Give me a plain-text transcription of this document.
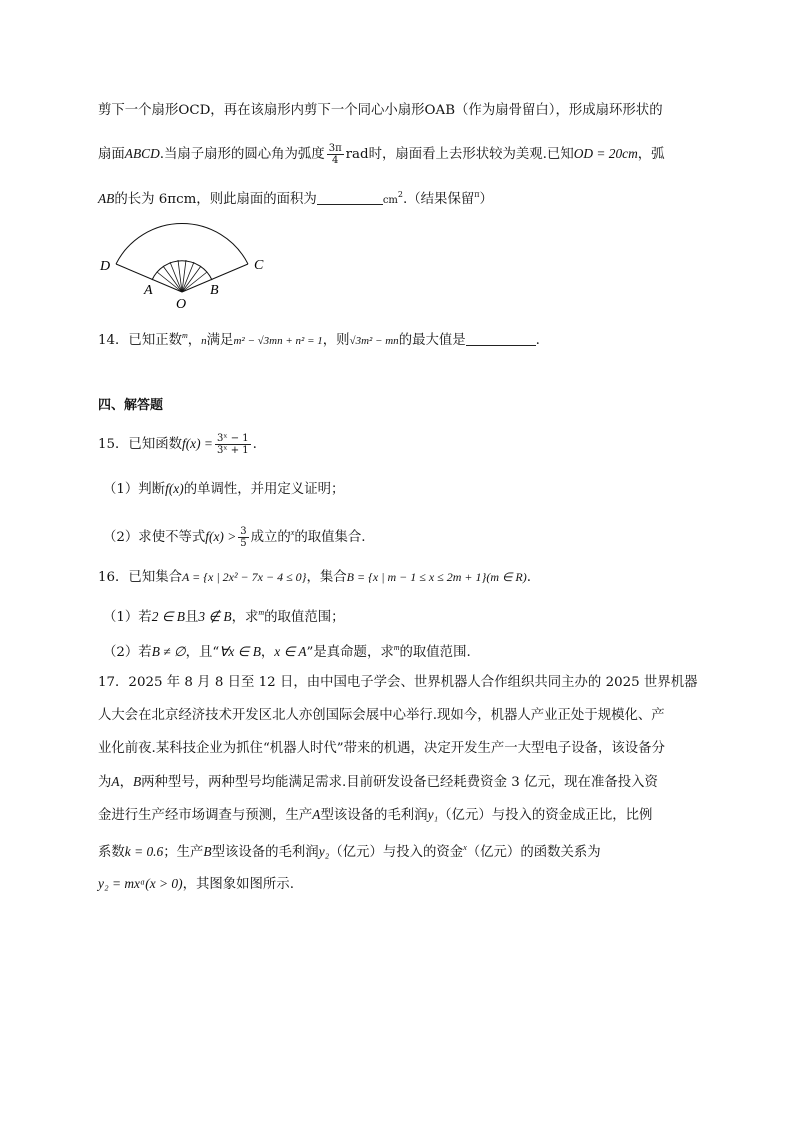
剪下一个扇形OCD，再在该扇形内剪下一个同心小扇形OAB（作为扇骨留白），形成扇环形状的
扇面ABCD.当扇子扇形的圆心角为弧度 $\frac{3\pi}{4}$ rad时，扇面看上去形状较为美观.已知OD = 20cm，弧
AB的长为 6πcm，则此扇面的面积为	$cm^2$.（结果保留$^\pi$）
D	C
A	B
O
14．已知正数$^m$，n满足m² − √3mn + n² = 1，则√3m² − mn的最大值是	.
四、解答题
15．已知函数$f(x) = \frac{\text{3ˣ − 1}}{\text{3ˣ + 1}}$ .
（1）判断f(x)的单调性，并用定义证明；
（2）求使不等式$f(x) > \frac{3}{5}$ 成立的$^x$的取值集合.
16．已知集合A = {x | 2x² − 7x − 4 ≤ 0}，集合B = {x | m − 1 ≤ x ≤ 2m + 1}(m ∈ R).
（1）若2 ∈ B且3 ∉ B，求$^m$的取值范围；
（2）若B ≠ ∅，且“∀x ∈ B，x ∈ A”是真命题，求$^m$的取值范围.
17．2025 年 8 月 8 日至 12 日，由中国电子学会、世界机器人合作组织共同主办的 2025 世界机器
人大会在北京经济技术开发区北人亦创国际会展中心举行.现如今，机器人产业正处于规模化、产
业化前夜.某科技企业为抓住“机器人时代”带来的机遇，决定开发生产一大型电子设备，该设备分
为A，B两种型号，两种型号均能满足需求.目前研发设备已经耗费资金 3 亿元，现在准备投入资
金进行生产经市场调查与预测，生产A型该设备的毛利润y₁（亿元）与投入的资金成正比，比例
系数k = 0.6；生产B型该设备的毛利润y₂（亿元）与投入的资金$^x$（亿元）的函数关系为
y₂ = mxᵅ(x > 0)，其图象如图所示.
